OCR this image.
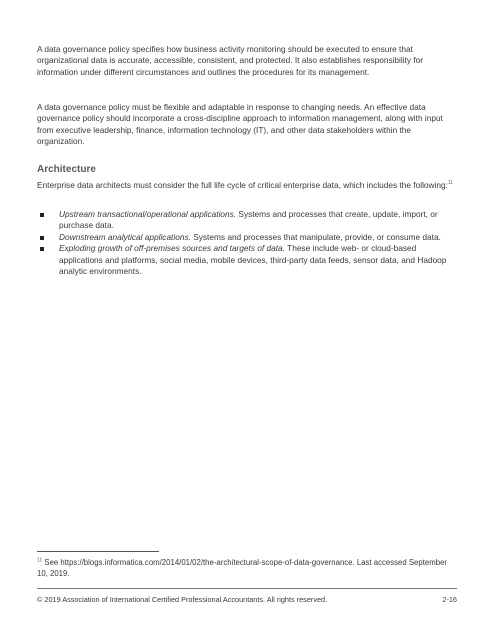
A data governance policy specifies how business activity monitoring should be executed to ensure that organizational data is accurate, accessible, consistent, and protected. It also establishes responsibility for information under different circumstances and outlines the procedures for its management.

A data governance policy must be flexible and adaptable in response to changing needs. An effective data governance policy should incorporate a cross-discipline approach to information management, along with input from executive leadership, finance, information technology (IT), and other data stakeholders within the organization.

Architecture

Enterprise data architects must consider the full life cycle of critical enterprise data, which includes the following:$^{11}$

Upstream transactional/operational applications. Systems and processes that create, update, import, or purchase data.
Downstream analytical applications. Systems and processes that manipulate, provide, or consume data.
Exploding growth of off-premises sources and targets of data. These include web- or cloud-based applications and platforms, social media, mobile devices, third-party data feeds, sensor data, and Hadoop analytic environments.
$^{11}$ See https://blogs.informatica.com/2014/01/02/the-architectural-scope-of-data-governance. Last accessed September 10, 2019.
© 2019 Association of International Certified Professional Accountants. All rights reserved.	2-16
